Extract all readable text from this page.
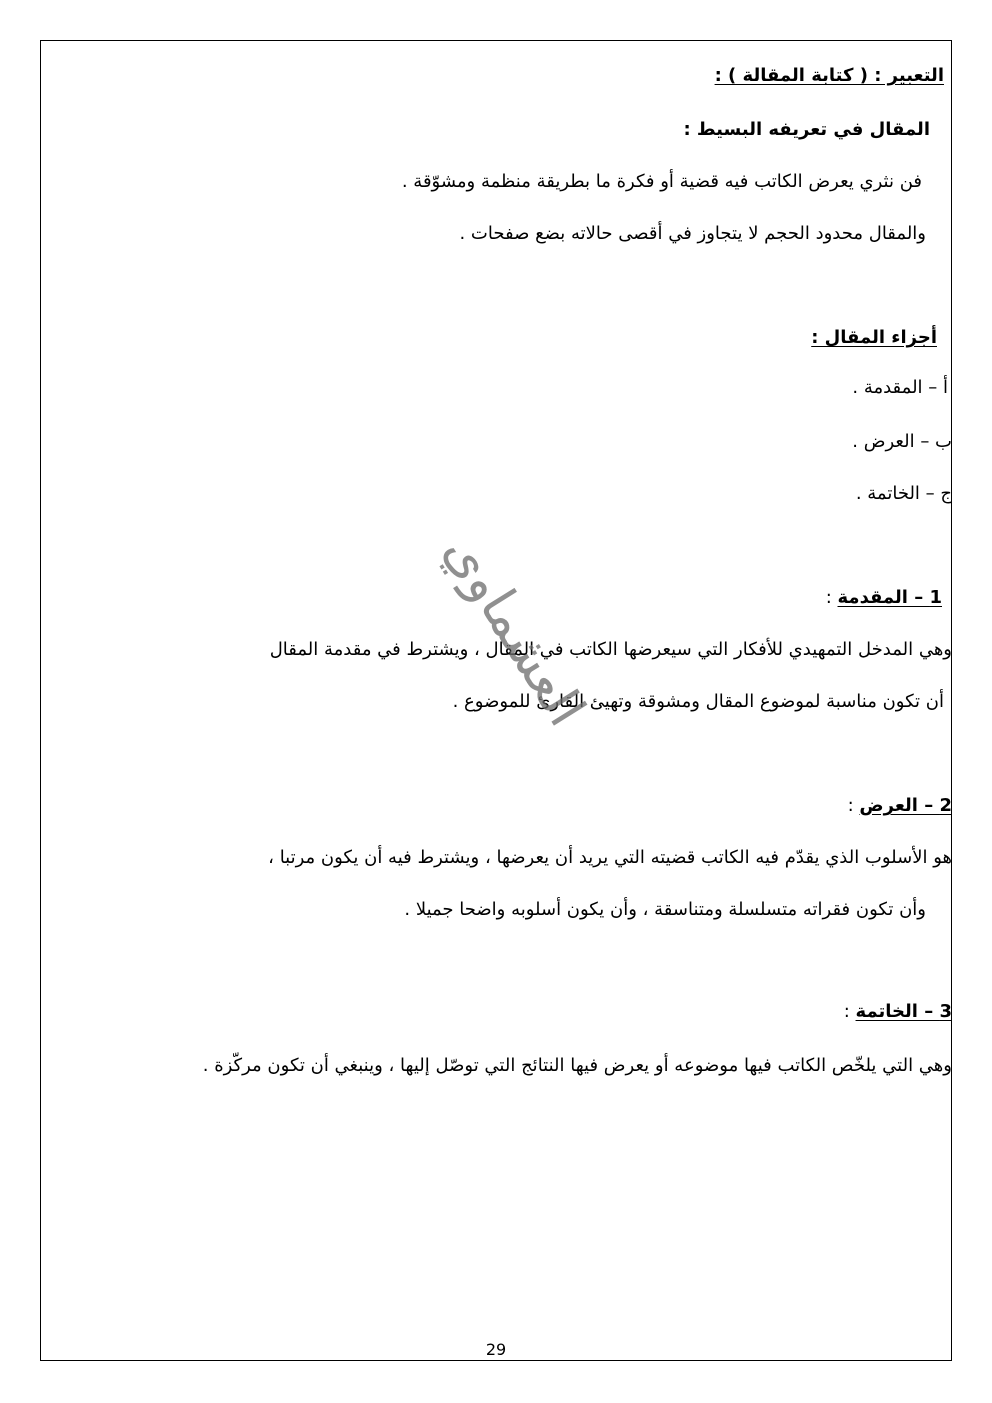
التعبير : ( كتابة المقالة ) :
المقال في تعريفه البسيط :
فن نثري يعرض الكاتب فيه قضية أو فكرة ما بطريقة منظمة ومشوّقة .
والمقال محدود الحجم لا يتجاوز في أقصى حالاته بضع صفحات .
أجزاء المقال :
أ – المقدمة .
ب – العرض .
ج – الخاتمة .
1 – المقدمة :
وهي المدخل التمهيدي للأفكار التي سيعرضها الكاتب في المقال ، ويشترط في مقدمة المقال
أن تكون مناسبة لموضوع المقال ومشوقة وتهيئ القارئ للموضوع .
2 – العرض :
هو الأسلوب الذي يقدّم فيه الكاتب قضيته التي يريد أن يعرضها ، ويشترط فيه أن يكون مرتبا ،
وأن تكون فقراته متسلسلة ومتناسقة ، وأن يكون أسلوبه واضحا جميلا .
3 – الخاتمة :
وهي التي يلخّص الكاتب فيها موضوعه أو يعرض فيها النتائج التي توصّل إليها ، وينبغي أن تكون مركّزة .
العشماوي
29
